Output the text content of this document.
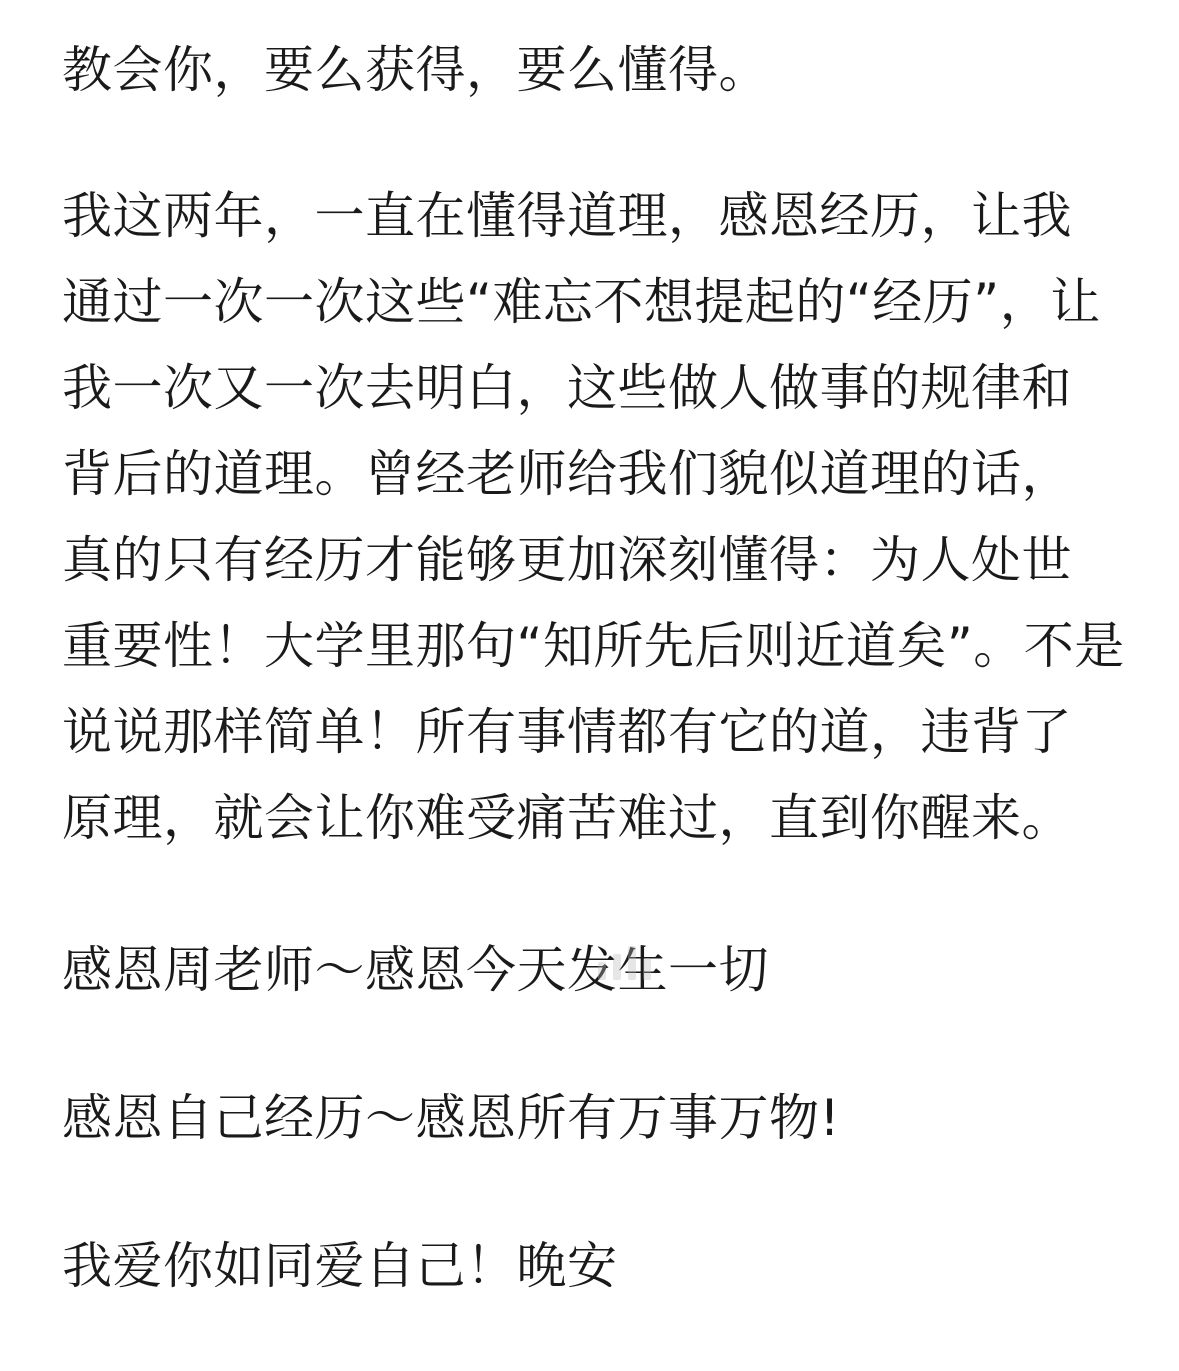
教会你，要么获得，要么懂得。
我这两年，一直在懂得道理，感恩经历，让我
通过一次一次这些“难忘不想提起的“经历”，让
我一次又一次去明白，这些做人做事的规律和
背后的道理。曾经老师给我们貌似道理的话，
真的只有经历才能够更加深刻懂得：为人处世
重要性！大学里那句“知所先后则近道矣”。不是
说说那样简单！所有事情都有它的道，违背了
原理，就会让你难受痛苦难过，直到你醒来。
感恩周老师～感恩今天发生一切
感恩自己经历～感恩所有万事万物!
我爱你如同爱自己！晚安
